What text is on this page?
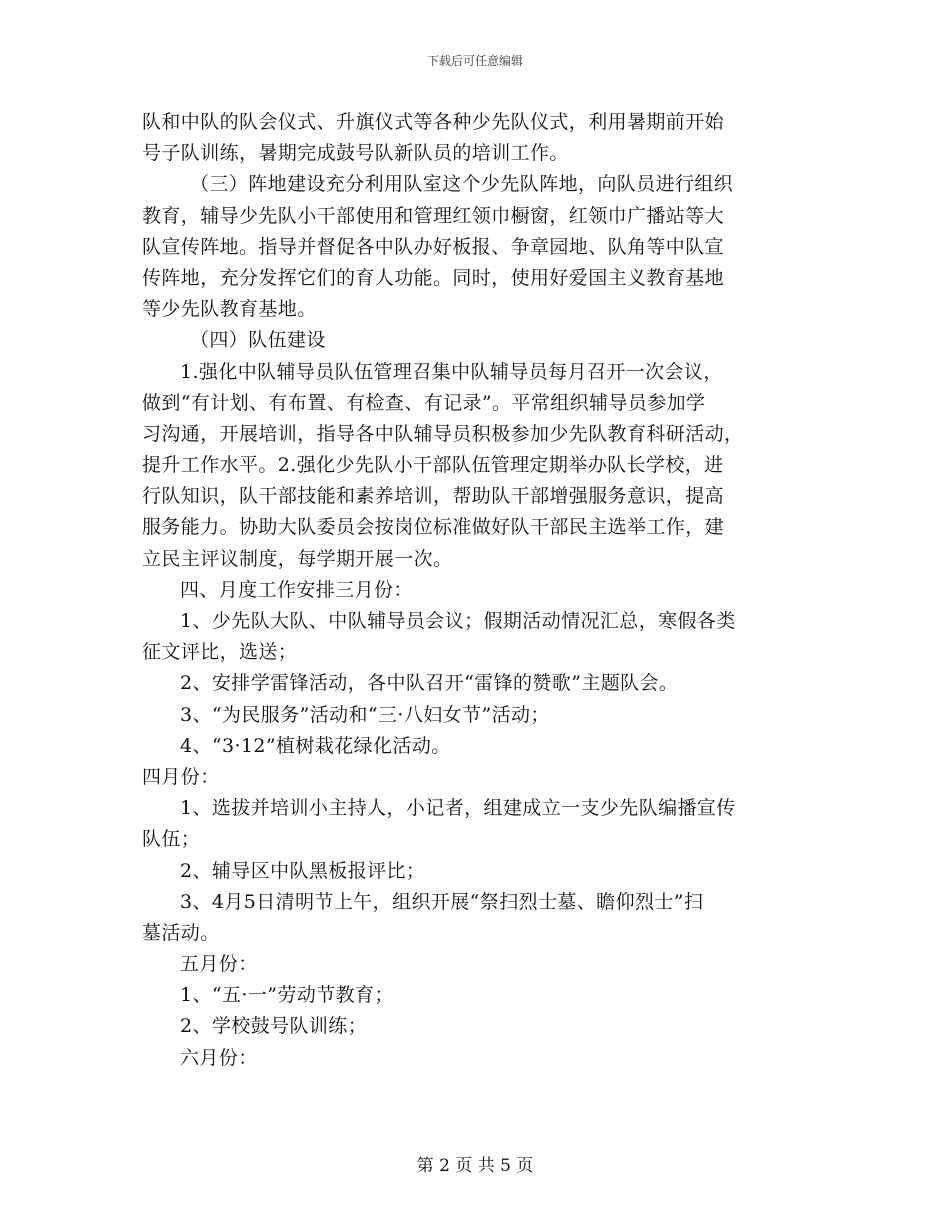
下载后可任意编辑
队和中队的队会仪式、升旗仪式等各种少先队仪式，利用暑期前开始
号子队训练，暑期完成鼓号队新队员的培训工作。
（三）阵地建设充分利用队室这个少先队阵地，向队员进行组织
教育，辅导少先队小干部使用和管理红领巾橱窗，红领巾广播站等大
队宣传阵地。指导并督促各中队办好板报、争章园地、队角等中队宣
传阵地，充分发挥它们的育人功能。同时，使用好爱国主义教育基地
等少先队教育基地。
（四）队伍建设
1.强化中队辅导员队伍管理召集中队辅导员每月召开一次会议，
做到“有计划、有布置、有检查、有记录”。平常组织辅导员参加学
习沟通，开展培训，指导各中队辅导员积极参加少先队教育科研活动，
提升工作水平。2.强化少先队小干部队伍管理定期举办队长学校，进
行队知识，队干部技能和素养培训，帮助队干部增强服务意识，提高
服务能力。协助大队委员会按岗位标准做好队干部民主选举工作，建
立民主评议制度，每学期开展一次。
四、月度工作安排三月份：
1、少先队大队、中队辅导员会议；假期活动情况汇总，寒假各类
征文评比，选送；
2、安排学雷锋活动，各中队召开“雷锋的赞歌”主题队会。
3、“为民服务”活动和“三·八妇女节”活动；
4、“3·12”植树栽花绿化活动。
四月份：
1、选拔并培训小主持人，小记者，组建成立一支少先队编播宣传
队伍；
2、辅导区中队黑板报评比；
3、4月5日清明节上午，组织开展“祭扫烈士墓、瞻仰烈士”扫
墓活动。
五月份：
1、“五·一”劳动节教育；
2、学校鼓号队训练；
六月份：
第 2 页 共 5 页
